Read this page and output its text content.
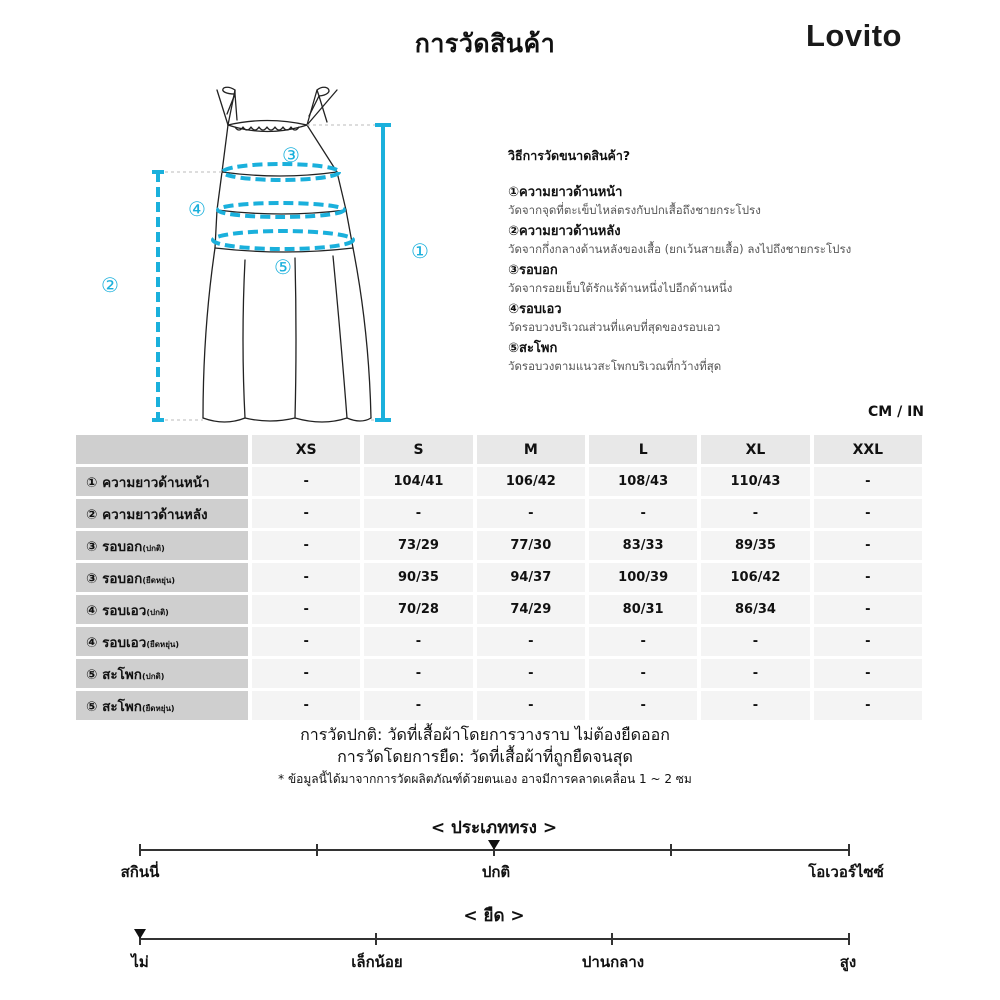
การวัดสินค้า	Lovito
①
②
③
④
⑤
วิธีการวัดขนาดสินค้า?
①ความยาวด้านหน้า
วัดจากจุดที่ตะเข็บไหล่ตรงกับปกเสื้อถึงชายกระโปรง
②ความยาวด้านหลัง
วัดจากกึ่งกลางด้านหลังของเสื้อ (ยกเว้นสายเสื้อ) ลงไปถึงชายกระโปรง
③รอบอก
วัดจากรอยเย็บใต้รักแร้ด้านหนึ่งไปอีกด้านหนึ่ง
④รอบเอว
วัดรอบวงบริเวณส่วนที่แคบที่สุดของรอบเอว
⑤สะโพก
วัดรอบวงตามแนวสะโพกบริเวณที่กว้างที่สุด
CM / IN
	XS	S	M	L	XL	XXL
① ความยาวด้านหน้า	-	104/41	106/42	108/43	110/43	-
② ความยาวด้านหลัง	-	-	-	-	-	-
③ รอบอก(ปกติ)	-	73/29	77/30	83/33	89/35	-
③ รอบอก(ยืดหยุ่น)	-	90/35	94/37	100/39	106/42	-
④ รอบเอว(ปกติ)	-	70/28	74/29	80/31	86/34	-
④ รอบเอว(ยืดหยุ่น)	-	-	-	-	-	-
⑤ สะโพก(ปกติ)	-	-	-	-	-	-
⑤ สะโพก(ยืดหยุ่น)	-	-	-	-	-	-
การวัดปกติ: วัดที่เสื้อผ้าโดยการวางราบ ไม่ต้องยืดออก
การวัดโดยการยืด: วัดที่เสื้อผ้าที่ถูกยืดจนสุด
* ข้อมูลนี้ได้มาจากการวัดผลิตภัณฑ์ด้วยตนเอง อาจมีการคลาดเคลื่อน 1 ~ 2 ซม
< ประเภททรง >
สกินนี่	ปกติ	โอเวอร์ไซซ์
< ยืด >
ไม่	เล็กน้อย	ปานกลาง	สูง
